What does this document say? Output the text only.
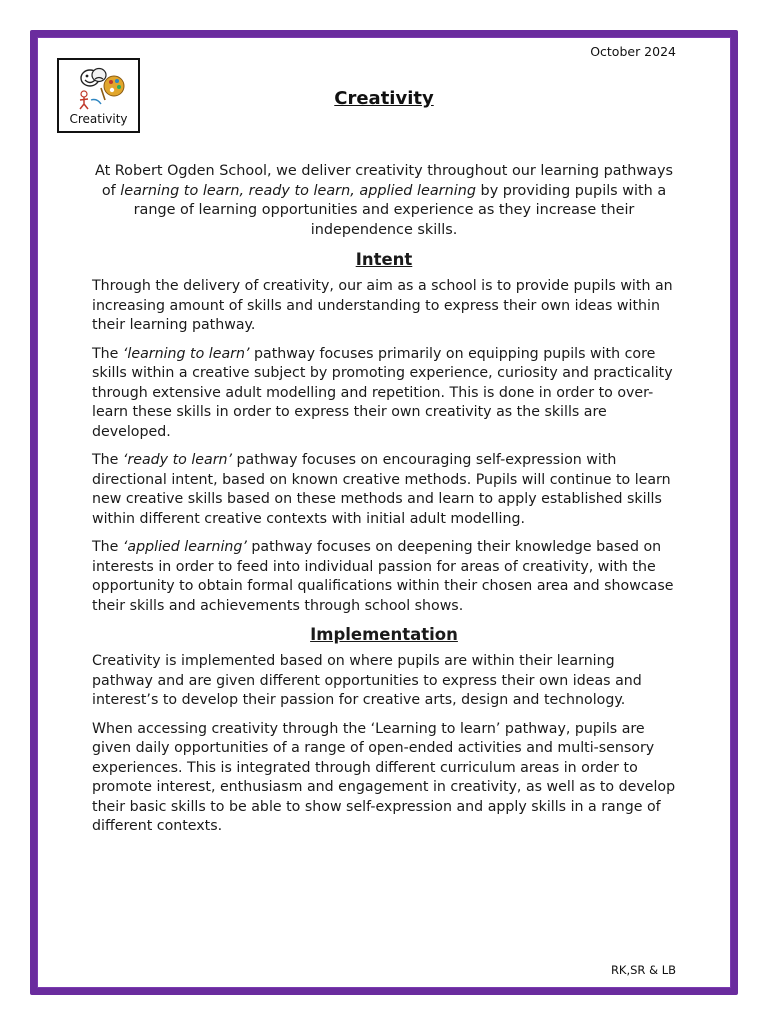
October 2024
Creativity
Creativity

At Robert Ogden School, we deliver creativity throughout our learning pathways of learning to learn, ready to learn, applied learning by providing pupils with a range of learning opportunities and experience as they increase their independence skills.

Intent

Through the delivery of creativity, our aim as a school is to provide pupils with an increasing amount of skills and understanding to express their own ideas within their learning pathway.

The ‘learning to learn’ pathway focuses primarily on equipping pupils with core skills within a creative subject by promoting experience, curiosity and practicality through extensive adult modelling and repetition. This is done in order to over-learn these skills in order to express their own creativity as the skills are developed.

The ‘ready to learn’ pathway focuses on encouraging self-expression with directional intent, based on known creative methods. Pupils will continue to learn new creative skills based on these methods and learn to apply established skills within different creative contexts with initial adult modelling.

The ‘applied learning’ pathway focuses on deepening their knowledge based on interests in order to feed into individual passion for areas of creativity, with the opportunity to obtain formal qualifications within their chosen area and showcase their skills and achievements through school shows.

Implementation

Creativity is implemented based on where pupils are within their learning pathway and are given different opportunities to express their own ideas and interest’s to develop their passion for creative arts, design and technology.

When accessing creativity through the ‘Learning to learn’ pathway, pupils are given daily opportunities of a range of open-ended activities and multi-sensory experiences. This is integrated through different curriculum areas in order to promote interest, enthusiasm and engagement in creativity, as well as to develop their basic skills to be able to show self-expression and apply skills in a range of different contexts.

RK,SR & LB
